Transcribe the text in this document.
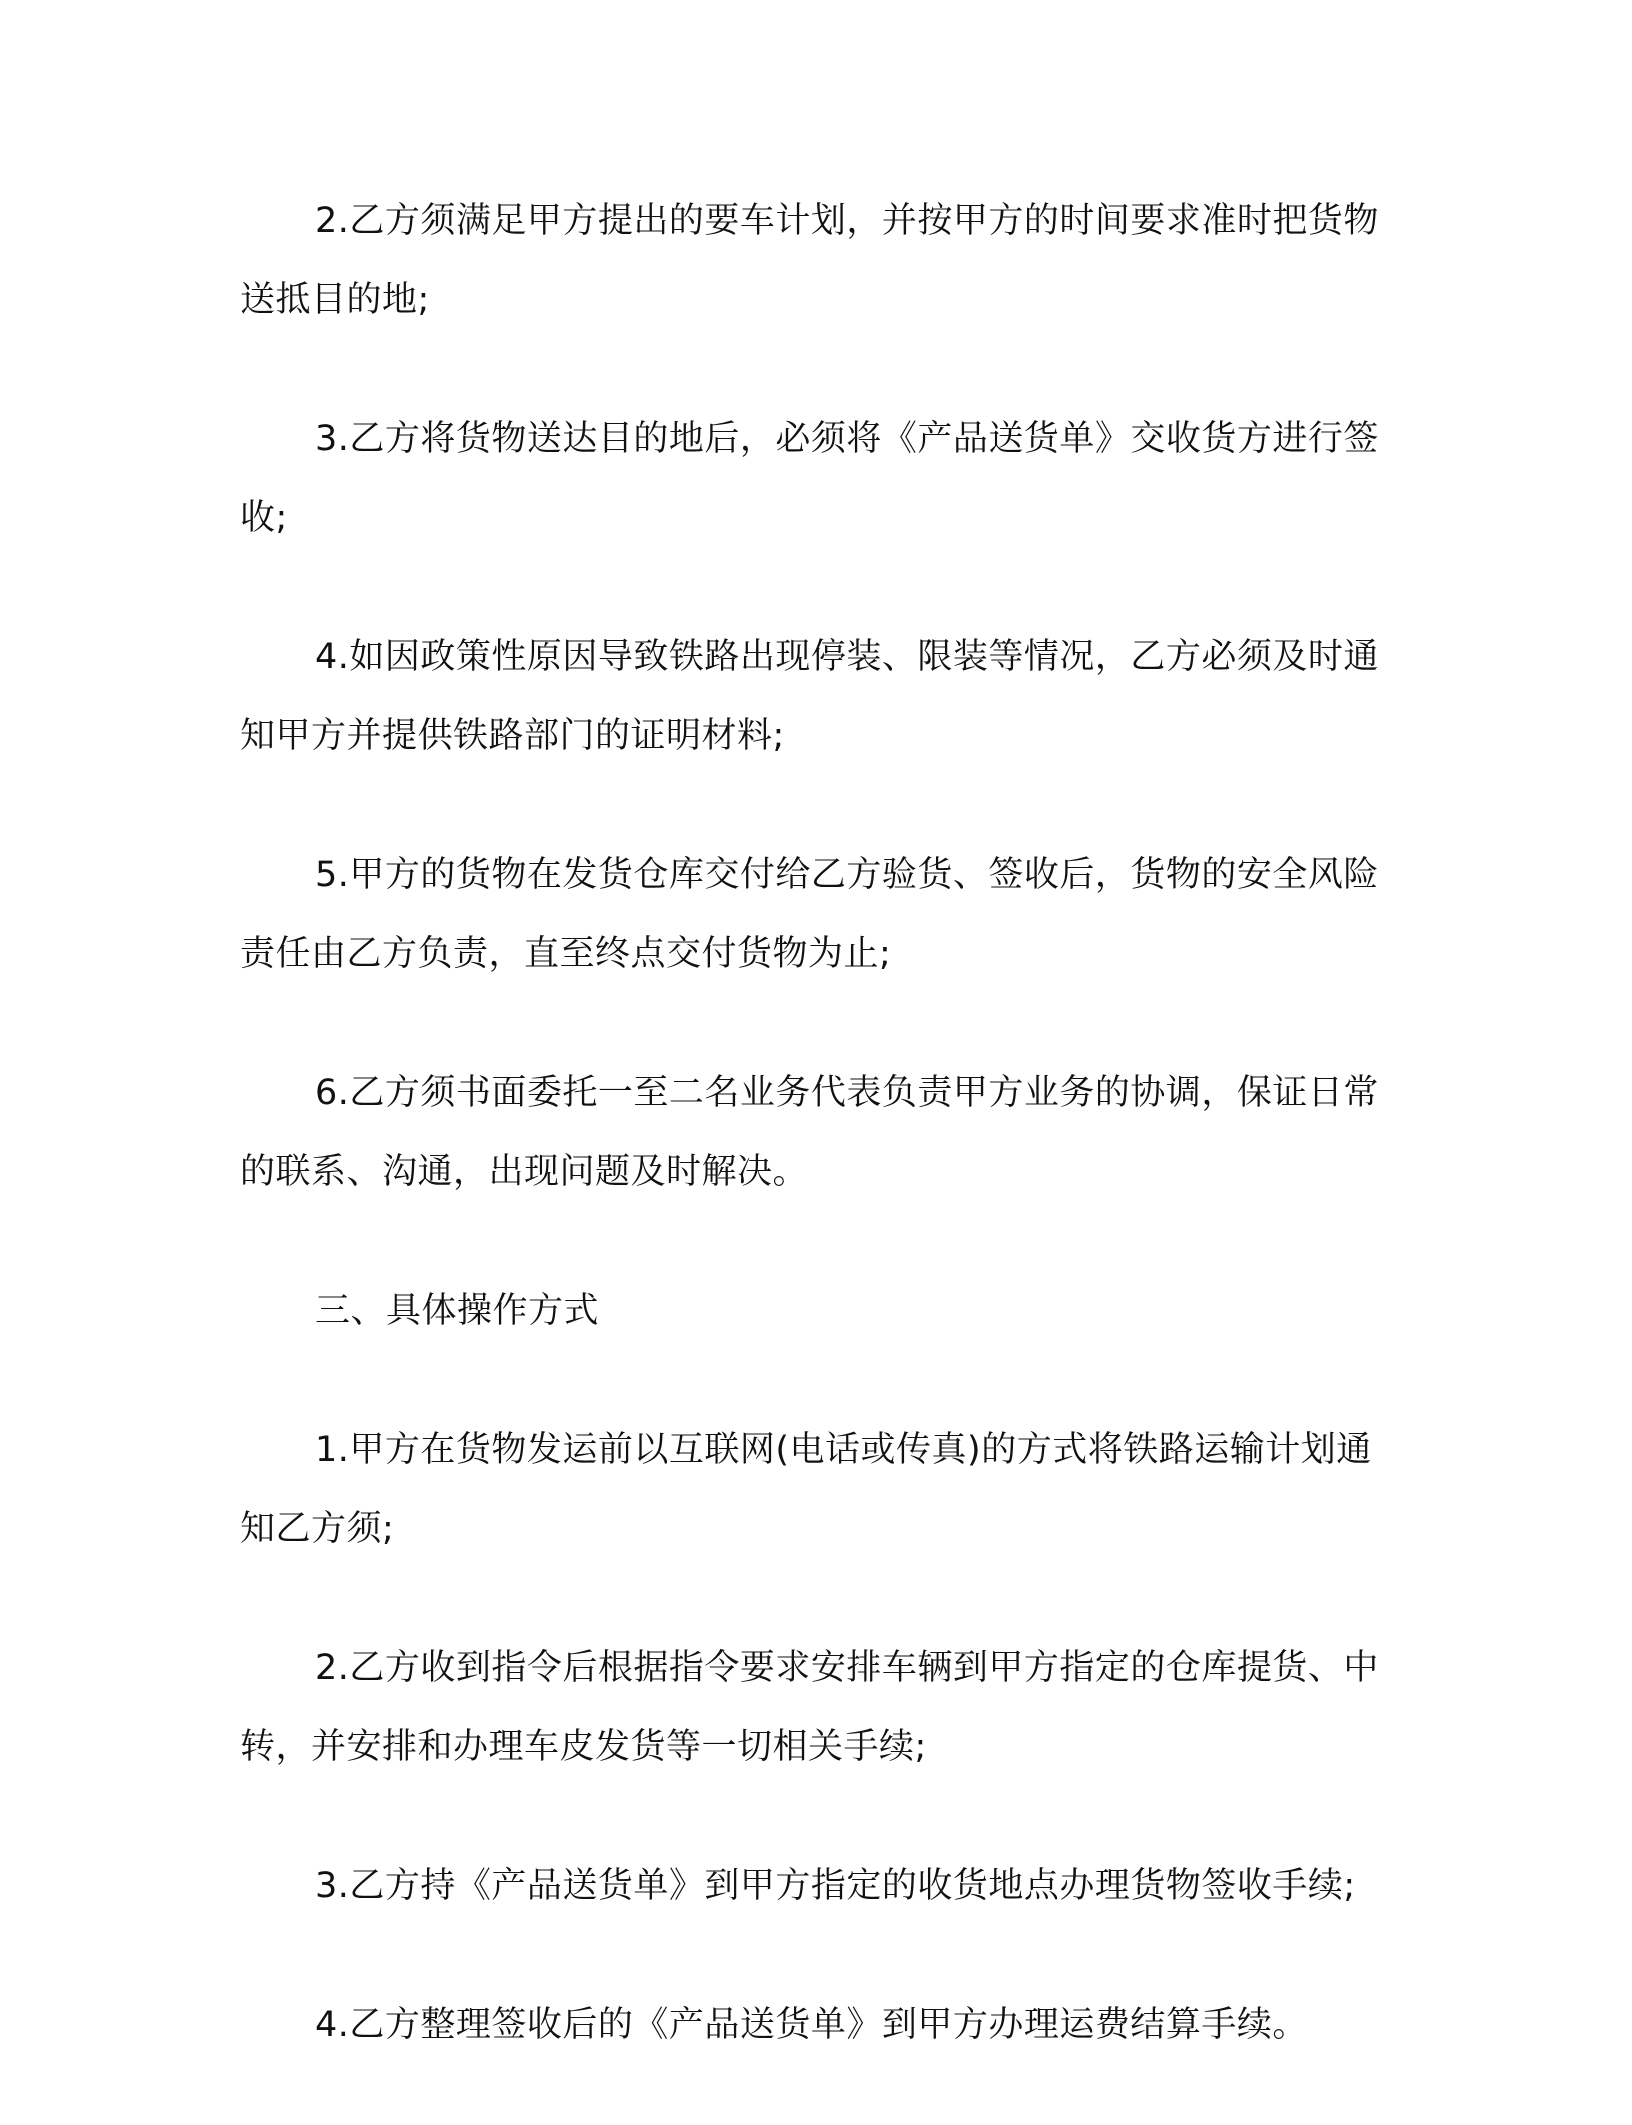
2.乙方须满足甲方提出的要车计划，并按甲方的时间要求准时把货物送抵目的地;

3.乙方将货物送达目的地后，必须将《产品送货单》交收货方进行签收;

4.如因政策性原因导致铁路出现停装、限装等情况，乙方必须及时通知甲方并提供铁路部门的证明材料;

5.甲方的货物在发货仓库交付给乙方验货、签收后，货物的安全风险责任由乙方负责，直至终点交付货物为止;

6.乙方须书面委托一至二名业务代表负责甲方业务的协调，保证日常的联系、沟通，出现问题及时解决。

三、具体操作方式

1.甲方在货物发运前以互联网(电话或传真)的方式将铁路运输计划通知乙方须;

2.乙方收到指令后根据指令要求安排车辆到甲方指定的仓库提货、中转，并安排和办理车皮发货等一切相关手续;

3.乙方持《产品送货单》到甲方指定的收货地点办理货物签收手续;

4.乙方整理签收后的《产品送货单》到甲方办理运费结算手续。
